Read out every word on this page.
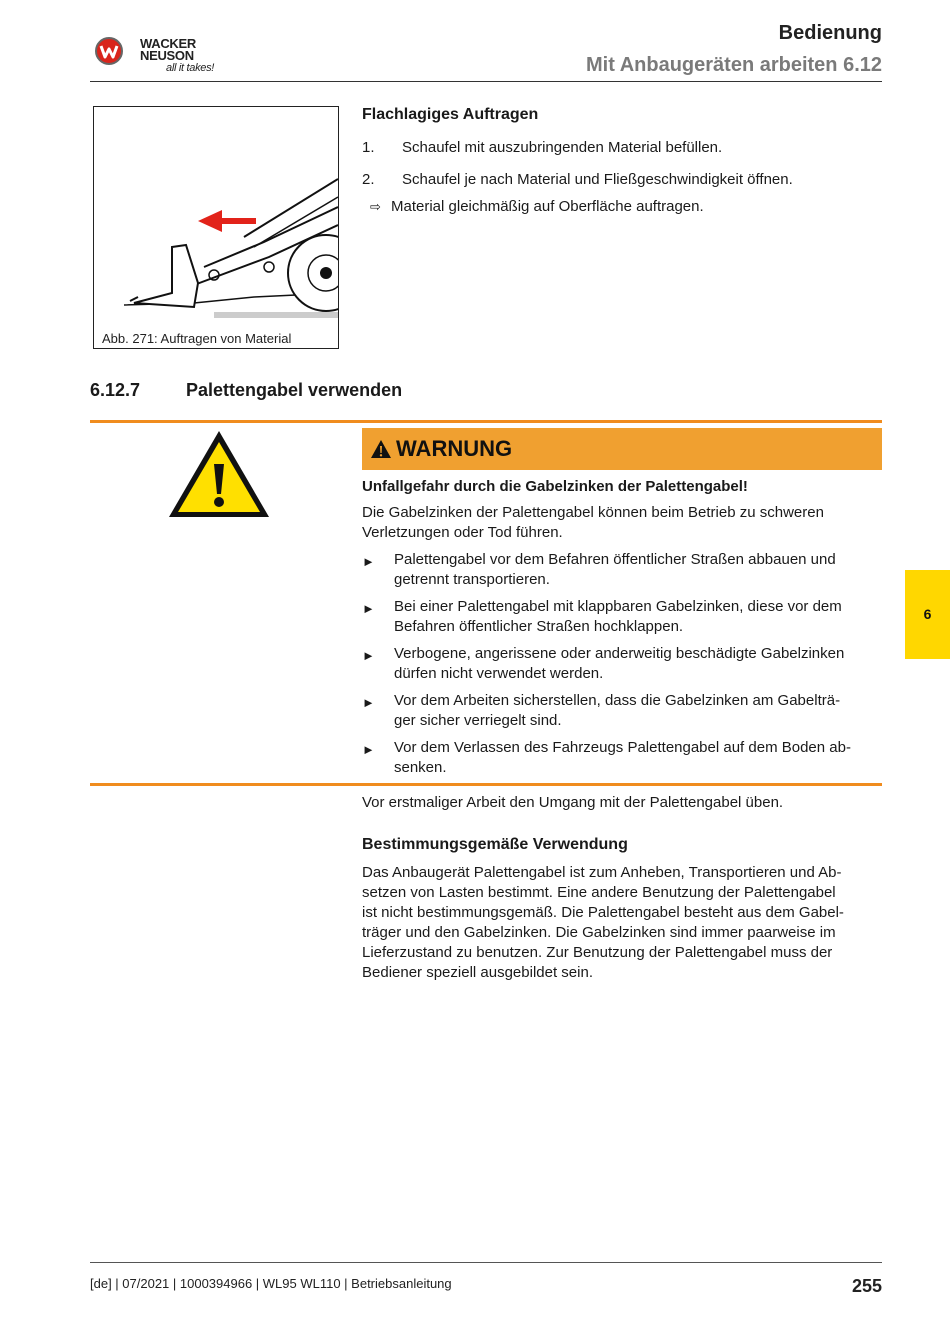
WACKER NEUSON
all it takes!
Bedienung
Mit Anbaugeräten arbeiten 6.12
Abb. 271: Auftragen von Material
Flachlagiges Auftragen
1. Schaufel mit auszubringenden Material befüllen.
2. Schaufel je nach Material und Fließgeschwindigkeit öffnen.
⇨ Material gleichmäßig auf Oberfläche auftragen.
6.12.7	Palettengabel verwenden
WARNUNG
Unfallgefahr durch die Gabelzinken der Palettengabel!
Die Gabelzinken der Palettengabel können beim Betrieb zu schweren
Verletzungen oder Tod führen.
► Palettengabel vor dem Befahren öffentlicher Straßen abbauen und
getrennt transportieren.
► Bei einer Palettengabel mit klappbaren Gabelzinken, diese vor dem
Befahren öffentlicher Straßen hochklappen.
► Verbogene, angerissene oder anderweitig beschädigte Gabelzinken
dürfen nicht verwendet werden.
► Vor dem Arbeiten sicherstellen, dass die Gabelzinken am Gabelträ-
ger sicher verriegelt sind.
► Vor dem Verlassen des Fahrzeugs Palettengabel auf dem Boden ab-
senken.
Vor erstmaliger Arbeit den Umgang mit der Palettengabel üben.
Bestimmungsgemäße Verwendung
Das Anbaugerät Palettengabel ist zum Anheben, Transportieren und Ab-
setzen von Lasten bestimmt. Eine andere Benutzung der Palettengabel
ist nicht bestimmungsgemäß. Die Palettengabel besteht aus dem Gabel-
träger und den Gabelzinken. Die Gabelzinken sind immer paarweise im
Lieferzustand zu benutzen. Zur Benutzung der Palettengabel muss der
Bediener speziell ausgebildet sein.
6
[de] | 07/2021 | 1000394966 | WL95 WL110 | Betriebsanleitung	255
